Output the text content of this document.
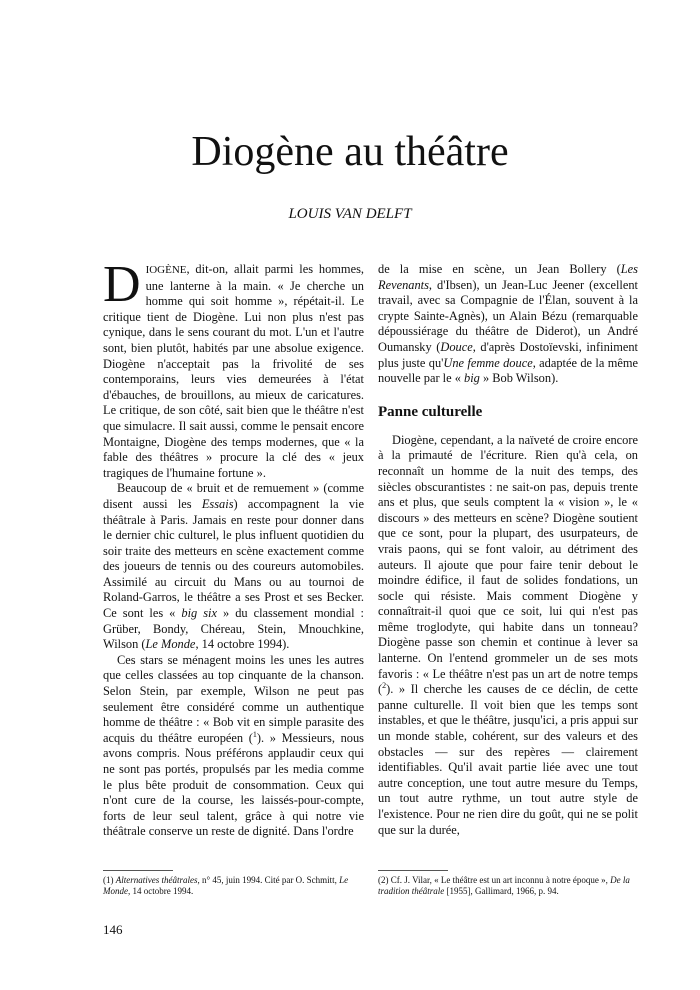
Diogène au théâtre
LOUIS VAN DELFT

DIOGÈNE, dit-on, allait parmi les hommes, une lanterne à la main. « Je cherche un homme qui soit homme », répétait-il. Le critique tient de Diogène. Lui non plus n'est pas cynique, dans le sens courant du mot. L'un et l'autre sont, bien plutôt, habités par une absolue exigence. Diogène n'acceptait pas la frivolité de ses contemporains, leurs vies demeurées à l'état d'ébauches, de brouillons, au mieux de caricatures. Le critique, de son côté, sait bien que le théâtre n'est que simulacre. Il sait aussi, comme le pensait encore Montaigne, Diogène des temps modernes, que « la fable des théâtres » procure la clé des « jeux tragiques de l'humaine fortune ».

Beaucoup de « bruit et de remuement » (comme disent aussi les Essais) accompagnent la vie théâtrale à Paris. Jamais en reste pour donner dans le dernier chic culturel, le plus influent quotidien du soir traite des metteurs en scène exactement comme des joueurs de tennis ou des coureurs automobiles. Assimilé au circuit du Mans ou au tournoi de Roland-Garros, le théâtre a ses Prost et ses Becker. Ce sont les « big six » du classement mondial : Grüber, Bondy, Chéreau, Stein, Mnouchkine, Wilson (Le Monde, 14 octobre 1994).

Ces stars se ménagent moins les unes les autres que celles classées au top cinquante de la chanson. Selon Stein, par exemple, Wilson ne peut pas seulement être considéré comme un authentique homme de théâtre : « Bob vit en simple parasite des acquis du théâtre européen ($^1$). » Messieurs, nous avons compris. Nous préférons applaudir ceux qui ne sont pas portés, propulsés par les media comme le plus bête produit de consommation. Ceux qui n'ont cure de la course, les laissés-pour-compte, forts de leur seul talent, grâce à qui notre vie théâtrale conserve un reste de dignité. Dans l'ordre

de la mise en scène, un Jean Bollery (Les Revenants, d'Ibsen), un Jean-Luc Jeener (excellent travail, avec sa Compagnie de l'Élan, souvent à la crypte Sainte-Agnès), un Alain Bézu (remarquable dépoussiérage du théâtre de Diderot), un André Oumansky (Douce, d'après Dostoïevski, infiniment plus juste qu'Une femme douce, adaptée de la même nouvelle par le « big » Bob Wilson).

Panne culturelle

Diogène, cependant, a la naïveté de croire encore à la primauté de l'écriture. Rien qu'à cela, on reconnaît un homme de la nuit des temps, des siècles obscurantistes : ne sait-on pas, depuis trente ans et plus, que seuls comptent la « vision », le « discours » des metteurs en scène? Diogène soutient que ce sont, pour la plupart, des usurpateurs, de vrais paons, qui se font valoir, au détriment des auteurs. Il ajoute que pour faire tenir debout le moindre édifice, il faut de solides fondations, un socle qui résiste. Mais comment Diogène y connaîtrait-il quoi que ce soit, lui qui n'est pas même troglodyte, qui habite dans un tonneau? Diogène passe son chemin et continue à lever sa lanterne. On l'entend grommeler un de ses mots favoris : « Le théâtre n'est pas un art de notre temps ($^2$). » Il cherche les causes de ce déclin, de cette panne culturelle. Il voit bien que les temps sont instables, et que le théâtre, jusqu'ici, a pris appui sur un monde stable, cohérent, sur des valeurs et des obstacles — sur des repères — clairement identifiables. Qu'il avait partie liée avec une tout autre conception, une tout autre mesure du Temps, un tout autre rythme, un tout autre style de l'existence. Pour ne rien dire du goût, qui ne se polit que sur la durée,

(1) Alternatives théâtrales, n° 45, juin 1994. Cité par O. Schmitt, Le Monde, 14 octobre 1994.
(2) Cf. J. Vilar, « Le théâtre est un art inconnu à notre époque », De la tradition théâtrale [1955], Gallimard, 1966, p. 94.
146
